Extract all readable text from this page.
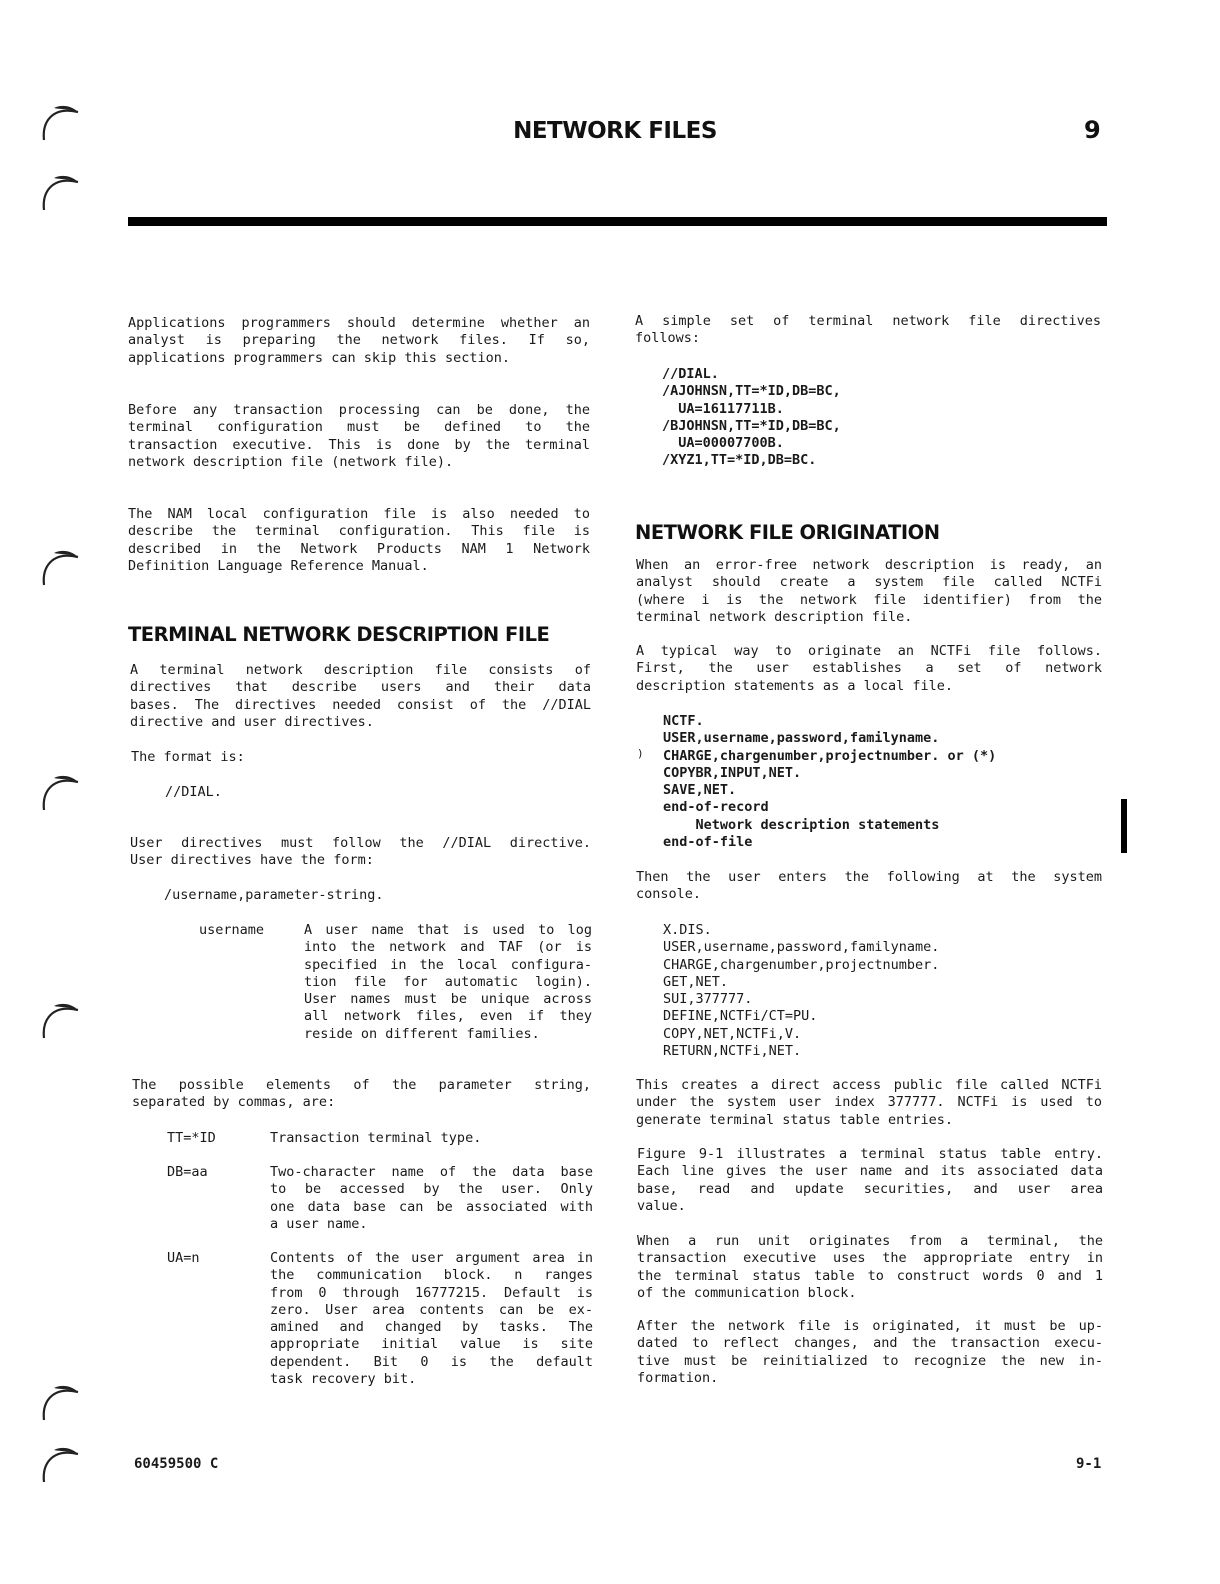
NETWORK FILES	9
Applications programmers should determine whether an
analyst is preparing the network files. If so,
applications programmers can skip this section.
Before any transaction processing can be done, the
terminal configuration must be defined to the
transaction executive. This is done by the terminal
network description file (network file).
The NAM local configuration file is also needed to
describe the terminal configuration. This file is
described in the Network Products NAM 1 Network
Definition Language Reference Manual.
TERMINAL NETWORK DESCRIPTION FILE
A terminal network description file consists of
directives that describe users and their data
bases. The directives needed consist of the //DIAL
directive and user directives.
The format is:
//DIAL.
User directives must follow the //DIAL directive.
User directives have the form:
/username,parameter-string.
username	A user name that is used to log
into the network and TAF (or is
specified in the local configura-
tion file for automatic login).
User names must be unique across
all network files, even if they
reside on different families.
The possible elements of the parameter string,
separated by commas, are:
TT=*ID	Transaction terminal type.
DB=aa	Two-character name of the data base
to be accessed by the user. Only
one data base can be associated with
a user name.
UA=n	Contents of the user argument area in
the communication block. n ranges
from 0 through 16777215. Default is
zero. User area contents can be ex-
amined and changed by tasks. The
appropriate initial value is site
dependent. Bit 0 is the default
task recovery bit.
A simple set of terminal network file directives
follows:
//DIAL.
/AJOHNSN,TT=*ID,DB=BC,
UA=16117711B.
/BJOHNSN,TT=*ID,DB=BC,
UA=00007700B.
/XYZ1,TT=*ID,DB=BC.
NETWORK FILE ORIGINATION
When an error-free network description is ready, an
analyst should create a system file called NCTFi
(where i is the network file identifier) from the
terminal network description file.
A typical way to originate an NCTFi file follows.
First, the user establishes a set of network
description statements as a local file.
NCTF.
USER,username,password,familyname.
CHARGE,chargenumber,projectnumber. or (*)
COPYBR,INPUT,NET.
SAVE,NET.
end-of-record
Network description statements
end-of-file
)
Then the user enters the following at the system
console.
X.DIS.
USER,username,password,familyname.
CHARGE,chargenumber,projectnumber.
GET,NET.
SUI,377777.
DEFINE,NCTFi/CT=PU.
COPY,NET,NCTFi,V.
RETURN,NCTFi,NET.
This creates a direct access public file called NCTFi
under the system user index 377777. NCTFi is used to
generate terminal status table entries.
Figure 9-1 illustrates a terminal status table entry.
Each line gives the user name and its associated data
base, read and update securities, and user area
value.
When a run unit originates from a terminal, the
transaction executive uses the appropriate entry in
the terminal status table to construct words 0 and 1
of the communication block.
After the network file is originated, it must be up-
dated to reflect changes, and the transaction execu-
tive must be reinitialized to recognize the new in-
formation.
60459500 C	9-1
